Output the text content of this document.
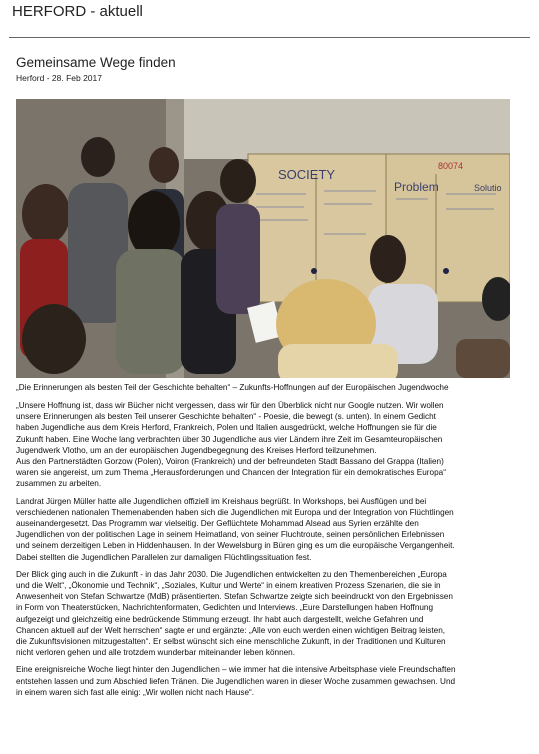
HERFORD - aktuell
Gemeinsame Wege finden
Herford - 28. Feb 2017
SOCIETY
Problem	Solutio
80074
„Die Erinnerungen als besten Teil der Geschichte behalten“ – Zukunfts-Hoffnungen auf der Europäischen Jugendwoche

„Unsere Hoffnung ist, dass wir Bücher nicht vergessen, dass wir für den Überblick nicht nur Google nutzen. Wir wollen
unsere Erinnerungen als besten Teil unserer Geschichte behalten“ - Poesie, die bewegt (s. unten). In einem Gedicht
haben Jugendliche aus dem Kreis Herford, Frankreich, Polen und Italien ausgedrückt, welche Hoffnungen sie für die
Zukunft haben. Eine Woche lang verbrachten über 30 Jugendliche aus vier Ländern ihre Zeit im Gesamteuropäischen
Jugendwerk Vlotho, um an der europäischen Jugendbegegnung des Kreises Herford teilzunehmen.
Aus den Partnerstädten Gorzow (Polen), Voiron (Frankreich) und der befreundeten Stadt Bassano del Grappa (Italien)
waren sie angereist, um zum Thema „Herausforderungen und Chancen der Integration für ein demokratisches Europa“
zusammen zu arbeiten.

Landrat Jürgen Müller hatte alle Jugendlichen offiziell im Kreishaus begrüßt. In Workshops, bei Ausflügen und bei
verschiedenen nationalen Themenabenden haben sich die Jugendlichen mit Europa und der Integration von Flüchtlingen
auseinandergesetzt. Das Programm war vielseitig. Der Geflüchtete Mohammad Alsead aus Syrien erzählte den
Jugendlichen von der politischen Lage in seinem Heimatland, von seiner Fluchtroute, seinen persönlichen Erlebnissen
und seinem derzeitigen Leben in Hiddenhausen. In der Wewelsburg in Büren ging es um die europäische Vergangenheit.
Dabei stellten die Jugendlichen Parallelen zur damaligen Flüchtlingssituation fest.

Der Blick ging auch in die Zukunft - in das Jahr 2030. Die Jugendlichen entwickelten zu den Themenbereichen „Europa
und die Welt“, „Ökonomie und Technik“, „Soziales, Kultur und Werte“ in einem kreativen Prozess Szenarien, die sie in
Anwesenheit von Stefan Schwartze (MdB) präsentierten. Stefan Schwartze zeigte sich beeindruckt von den Ergebnissen
in Form von Theaterstücken, Nachrichtenformaten, Gedichten und Interviews. „Eure Darstellungen haben Hoffnung
aufgezeigt und gleichzeitig eine bedrückende Stimmung erzeugt. Ihr habt auch dargestellt, welche Gefahren und
Chancen aktuell auf der Welt herrschen“ sagte er und ergänzte: „Alle von euch werden einen wichtigen Beitrag leisten,
die Zukunftsvisionen mitzugestalten“. Er selbst wünscht sich eine menschliche Zukunft, in der Traditionen und Kulturen
nicht verloren gehen und alle trotzdem wunderbar miteinander leben können.

Eine ereignisreiche Woche liegt hinter den Jugendlichen – wie immer hat die intensive Arbeitsphase viele Freundschaften
entstehen lassen und zum Abschied liefen Tränen. Die Jugendlichen waren in dieser Woche zusammen gewachsen. Und
in einem waren sich fast alle einig: „Wir wollen nicht nach Hause“.
